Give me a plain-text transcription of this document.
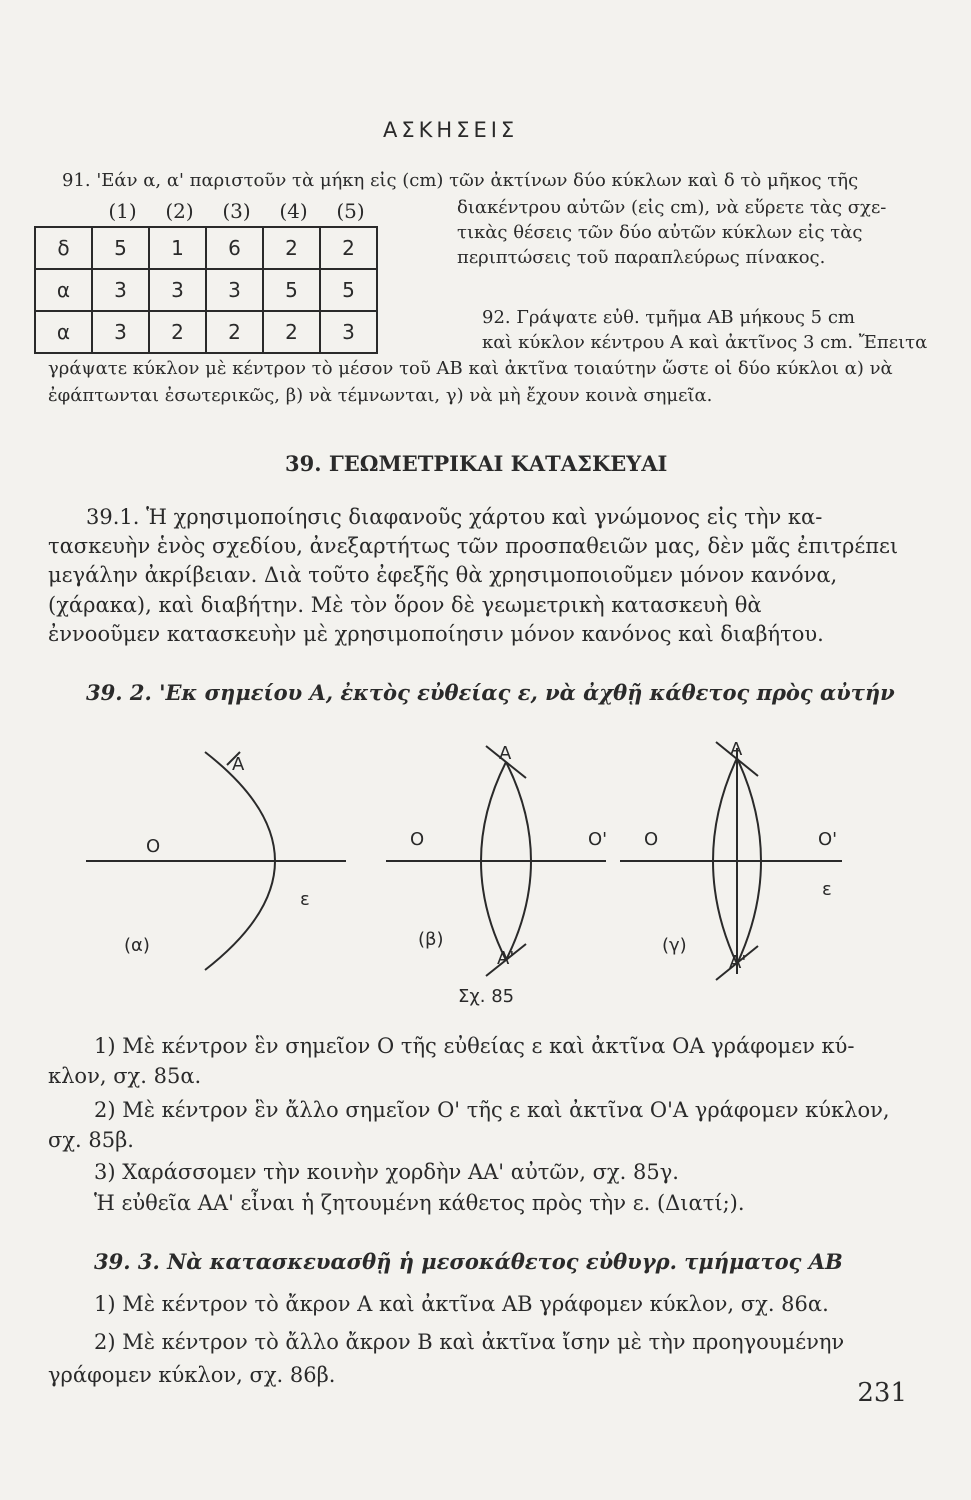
ΑΣΚΗΣΕΙΣ
91. 'Εάν α, α' παριστοῦν τὰ μήκη εἰς (cm) τῶν ἀκτίνων δύο κύκλων καὶ δ τὸ μῆκος τῆς
(1) (2) (3) (4) (5)	διακέντρου αὐτῶν (εἰς cm), νὰ εὕρετε τὰς σχε-
τικὰς θέσεις τῶν δύο αὐτῶν κύκλων εἰς τὰς
περιπτώσεις τοῦ παραπλεύρως πίνακος.
δ	5	1	6	2	2
α	3	3	3	5	5
α	3	2	2	2	3
92. Γράψατε εὐθ. τμῆμα ΑΒ μήκους 5 cm
καὶ κύκλον κέντρου Α καὶ ἀκτῖνος 3 cm. Ἔπειτα
γράψατε κύκλον μὲ κέντρον τὸ μέσον τοῦ ΑΒ καὶ ἀκτῖνα τοιαύτην ὥστε οἱ δύο κύκλοι α) νὰ
ἐφάπτωνται ἐσωτερικῶς, β) νὰ τέμνωνται, γ) νὰ μὴ ἔχουν κοινὰ σημεῖα.
39. ΓΕΩΜΕΤΡΙΚΑΙ ΚΑΤΑΣΚΕΥΑΙ
39.1. Ἡ χρησιμοποίησις διαφανοῦς χάρτου καὶ γνώμονος εἰς τὴν κα-
τασκευὴν ἑνὸς σχεδίου, ἀνεξαρτήτως τῶν προσπαθειῶν μας, δὲν μᾶς ἐπιτρέπει
μεγάλην ἀκρίβειαν. Διὰ τοῦτο ἐφεξῆς θὰ χρησιμοποιοῦμεν μόνον κανόνα,
(χάρακα), καὶ διαβήτην. Μὲ τὸν ὅρον δὲ γεωμετρικὴ κατασκευὴ θὰ
ἐννοοῦμεν κατασκευὴν μὲ χρησιμοποίησιν μόνον κανόνος καὶ διαβήτου.
39. 2. 'Εκ σημείου Α, ἐκτὸς εὐθείας ε, νὰ ἀχθῇ κάθετος πρὸς αὐτήν
A
O
ε
(α)
A
O	O'
(β)
A'
A
O	O'
ε
(γ)
A'
Σχ. 85
1) Μὲ κέντρον ἓν σημεῖον Ο τῆς εὐθείας ε καὶ ἀκτῖνα ΟΑ γράφομεν κύ-
κλον, σχ. 85α.
2) Μὲ κέντρον ἓν ἄλλο σημεῖον Ο' τῆς ε καὶ ἀκτῖνα Ο'Α γράφομεν κύκλον,
σχ. 85β.
3) Χαράσσομεν τὴν κοινὴν χορδὴν ΑΑ' αὐτῶν, σχ. 85γ.
Ἡ εὐθεῖα ΑΑ' εἶναι ἡ ζητουμένη κάθετος πρὸς τὴν ε. (Διατί;).
39. 3. Νὰ κατασκευασθῇ ἡ μεσοκάθετος εὐθυγρ. τμήματος ΑΒ
1) Μὲ κέντρον τὸ ἄκρον Α καὶ ἀκτῖνα ΑΒ γράφομεν κύκλον, σχ. 86α.
2) Μὲ κέντρον τὸ ἄλλο ἄκρον Β καὶ ἀκτῖνα ἴσην μὲ τὴν προηγουμένην
γράφομεν κύκλον, σχ. 86β.
231
